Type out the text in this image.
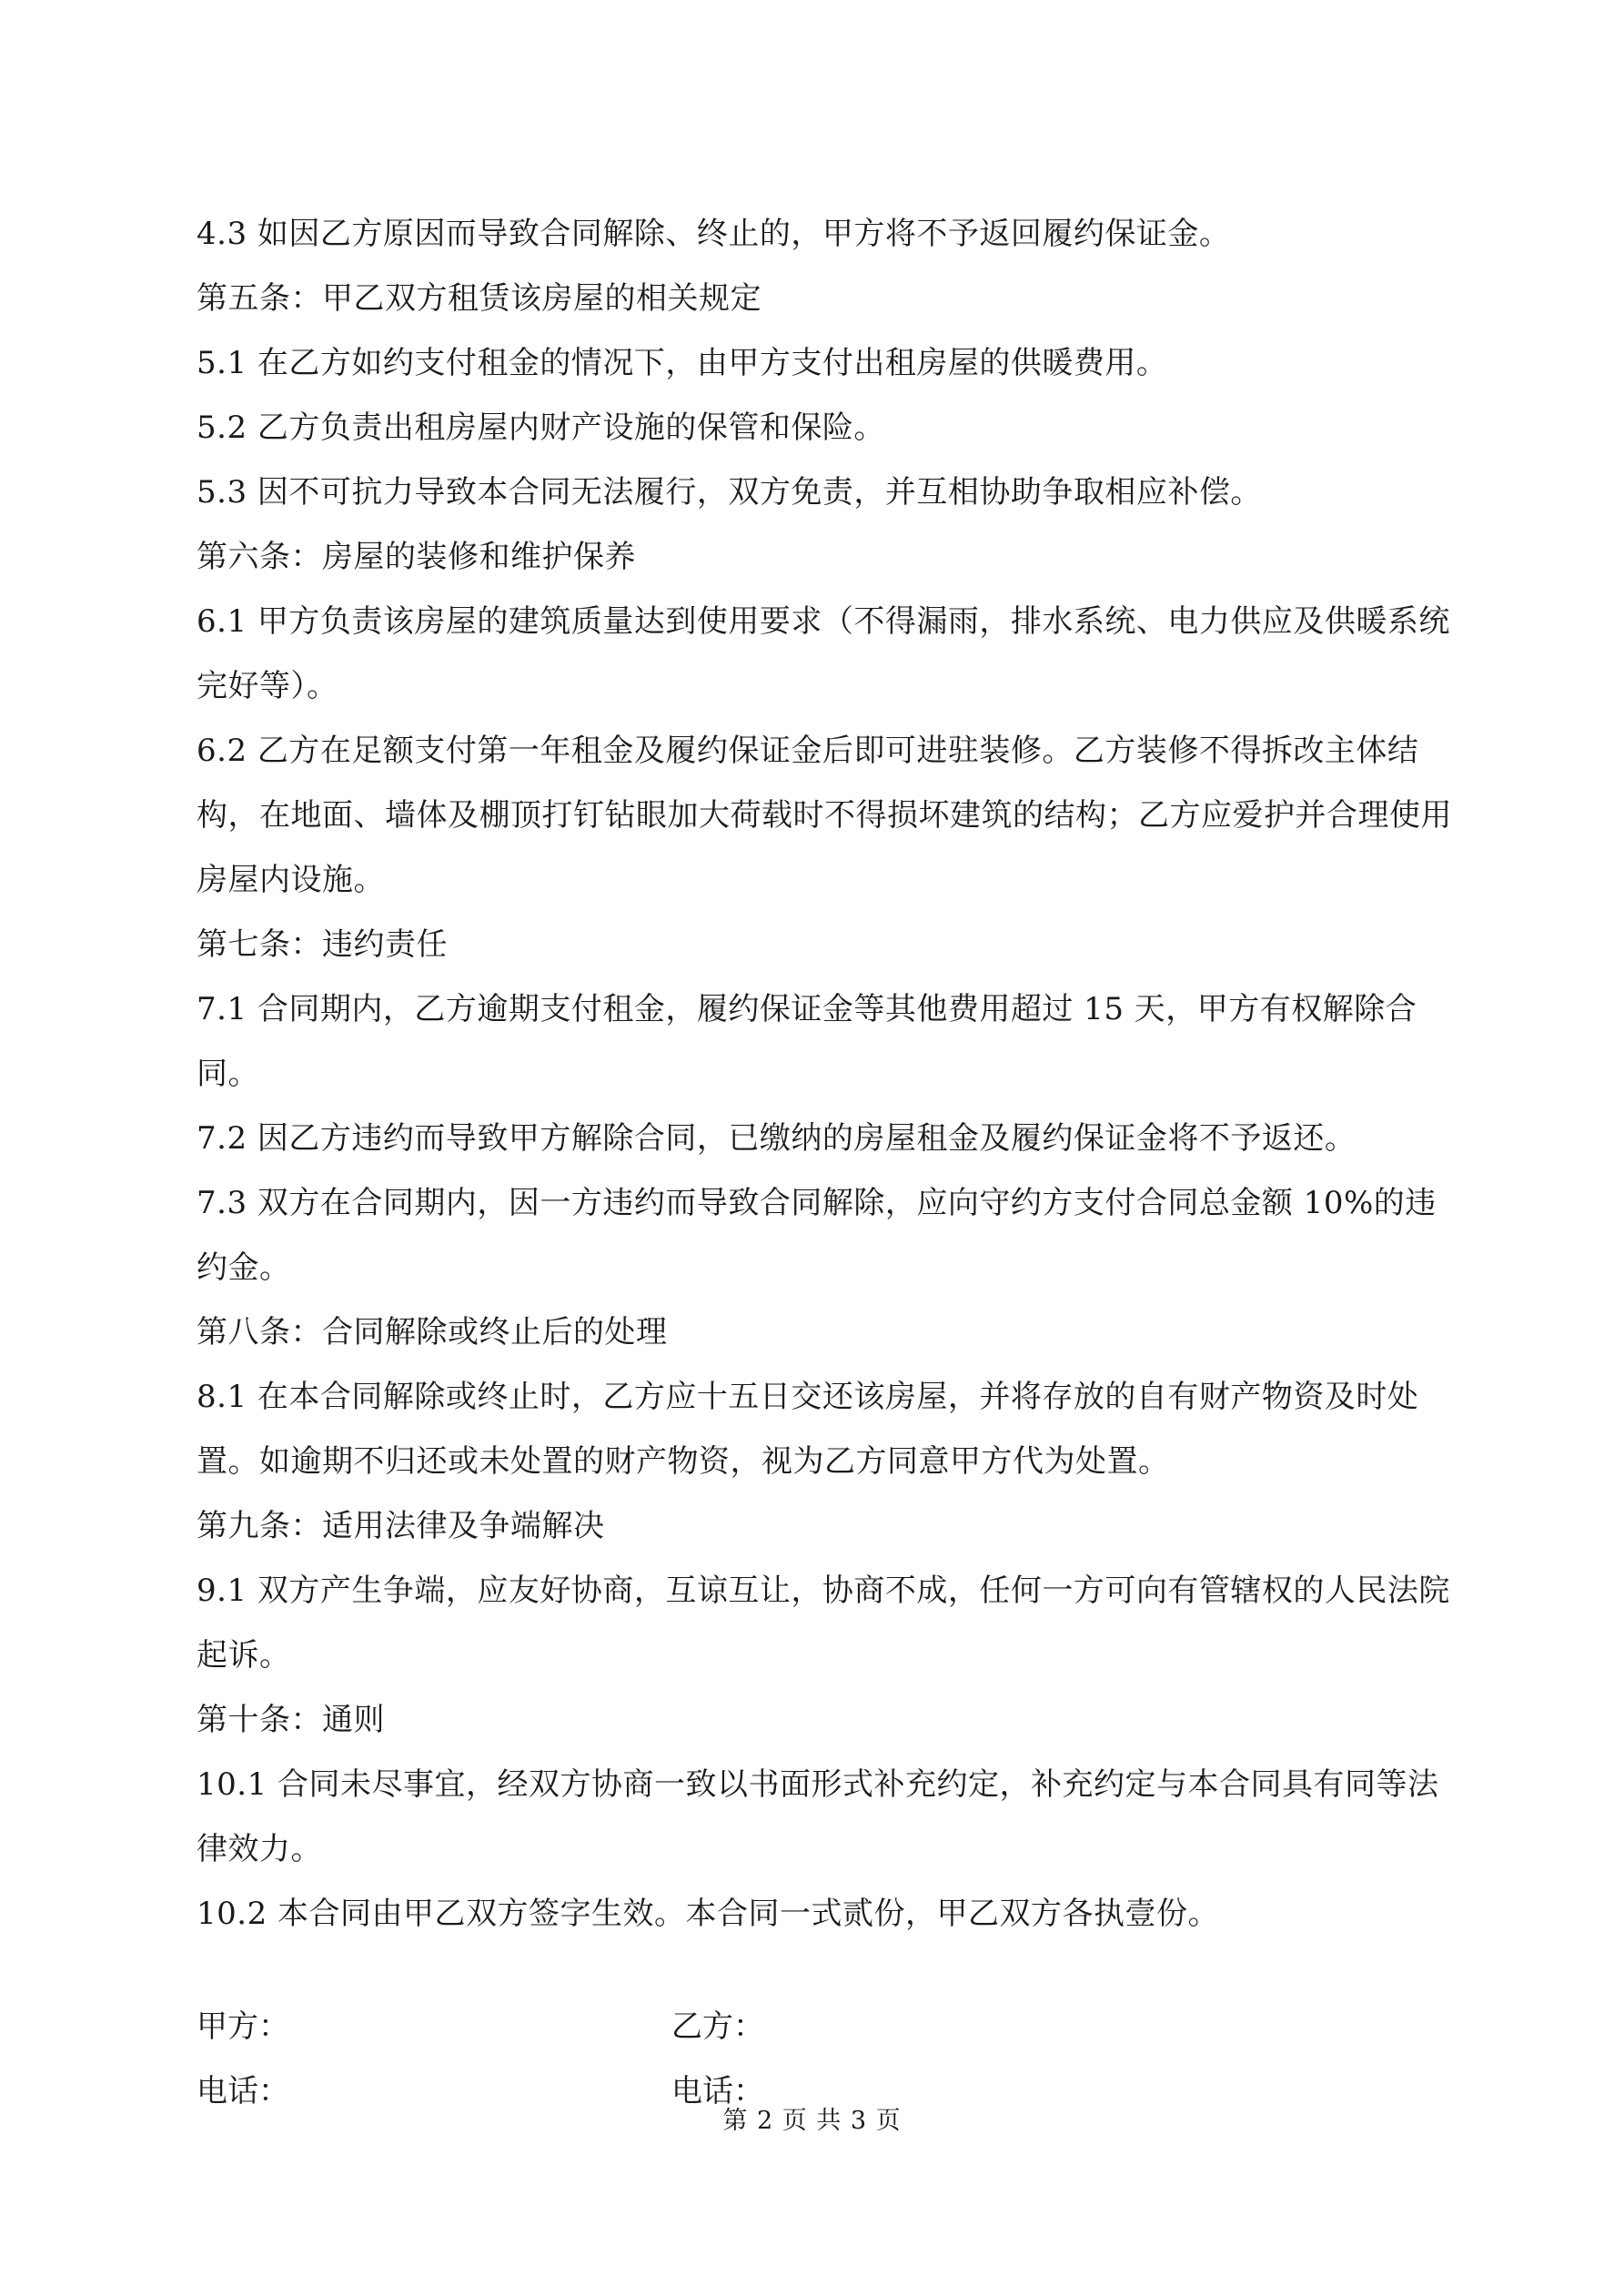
4.3 如因乙方原因而导致合同解除、终止的，甲方将不予返回履约保证金。

第五条：甲乙双方租赁该房屋的相关规定

5.1 在乙方如约支付租金的情况下，由甲方支付出租房屋的供暖费用。

5.2 乙方负责出租房屋内财产设施的保管和保险。

5.3 因不可抗力导致本合同无法履行，双方免责，并互相协助争取相应补偿。

第六条：房屋的装修和维护保养

6.1 甲方负责该房屋的建筑质量达到使用要求（不得漏雨，排水系统、电力供应及供暖系统完好等）。

6.2 乙方在足额支付第一年租金及履约保证金后即可进驻装修。乙方装修不得拆改主体结构，在地面、墙体及棚顶打钉钻眼加大荷载时不得损坏建筑的结构；乙方应爱护并合理使用房屋内设施。

第七条：违约责任

7.1 合同期内，乙方逾期支付租金，履约保证金等其他费用超过 15 天，甲方有权解除合同。

7.2 因乙方违约而导致甲方解除合同，已缴纳的房屋租金及履约保证金将不予返还。

7.3 双方在合同期内，因一方违约而导致合同解除，应向守约方支付合同总金额 10%的违约金。

第八条：合同解除或终止后的处理

8.1 在本合同解除或终止时，乙方应十五日交还该房屋，并将存放的自有财产物资及时处置。如逾期不归还或未处置的财产物资，视为乙方同意甲方代为处置。

第九条：适用法律及争端解决

9.1 双方产生争端，应友好协商，互谅互让，协商不成，任何一方可向有管辖权的人民法院起诉。

第十条：通则

10.1 合同未尽事宜，经双方协商一致以书面形式补充约定，补充约定与本合同具有同等法律效力。

10.2 本合同由甲乙双方签字生效。本合同一式贰份，甲乙双方各执壹份。

甲方：	乙方：
电话：	电话：
第 2 页 共 3 页
